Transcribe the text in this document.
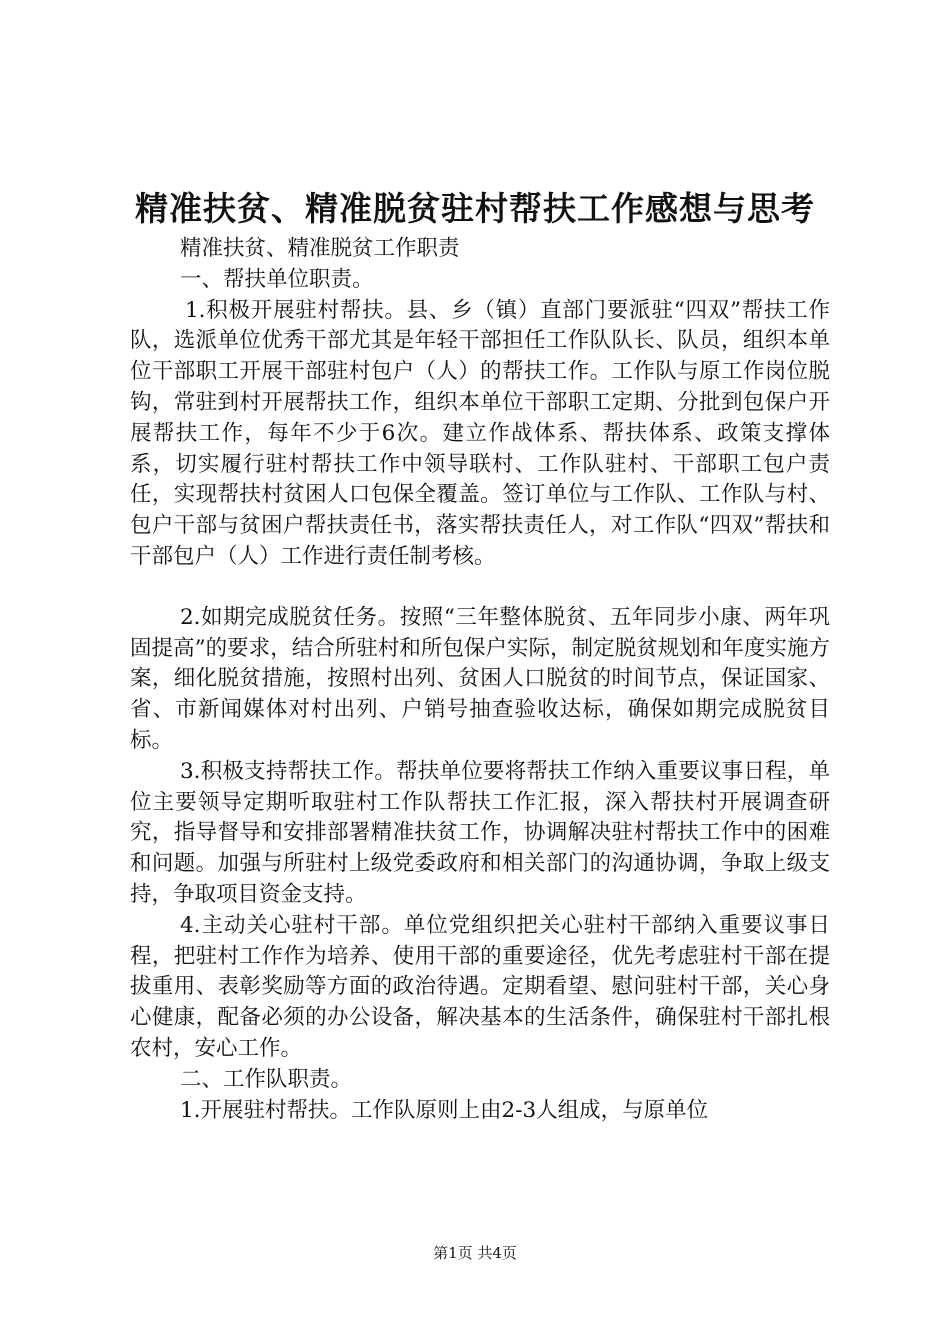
精准扶贫、精准脱贫驻村帮扶工作感想与思考

精准扶贫、精准脱贫工作职责

一、帮扶单位职责。

1.积极开展驻村帮扶。县、乡（镇）直部门要派驻“四双”帮扶工作队，选派单位优秀干部尤其是年轻干部担任工作队队长、队员，组织本单位干部职工开展干部驻村包户（人）的帮扶工作。工作队与原工作岗位脱钩，常驻到村开展帮扶工作，组织本单位干部职工定期、分批到包保户开展帮扶工作，每年不少于6次。建立作战体系、帮扶体系、政策支撑体系，切实履行驻村帮扶工作中领导联村、工作队驻村、干部职工包户责任，实现帮扶村贫困人口包保全覆盖。签订单位与工作队、工作队与村、包户干部与贫困户帮扶责任书，落实帮扶责任人，对工作队“四双”帮扶和干部包户（人）工作进行责任制考核。

2.如期完成脱贫任务。按照“三年整体脱贫、五年同步小康、两年巩固提高”的要求，结合所驻村和所包保户实际，制定脱贫规划和年度实施方案，细化脱贫措施，按照村出列、贫困人口脱贫的时间节点，保证国家、省、市新闻媒体对村出列、户销号抽查验收达标，确保如期完成脱贫目标。

3.积极支持帮扶工作。帮扶单位要将帮扶工作纳入重要议事日程，单位主要领导定期听取驻村工作队帮扶工作汇报，深入帮扶村开展调查研究，指导督导和安排部署精准扶贫工作，协调解决驻村帮扶工作中的困难和问题。加强与所驻村上级党委政府和相关部门的沟通协调，争取上级支持，争取项目资金支持。

4.主动关心驻村干部。单位党组织把关心驻村干部纳入重要议事日程，把驻村工作作为培养、使用干部的重要途径，优先考虑驻村干部在提拔重用、表彰奖励等方面的政治待遇。定期看望、慰问驻村干部，关心身心健康，配备必须的办公设备，解决基本的生活条件，确保驻村干部扎根农村，安心工作。

二、工作队职责。

1.开展驻村帮扶。工作队原则上由2-3人组成，与原单位

第1页 共4页
